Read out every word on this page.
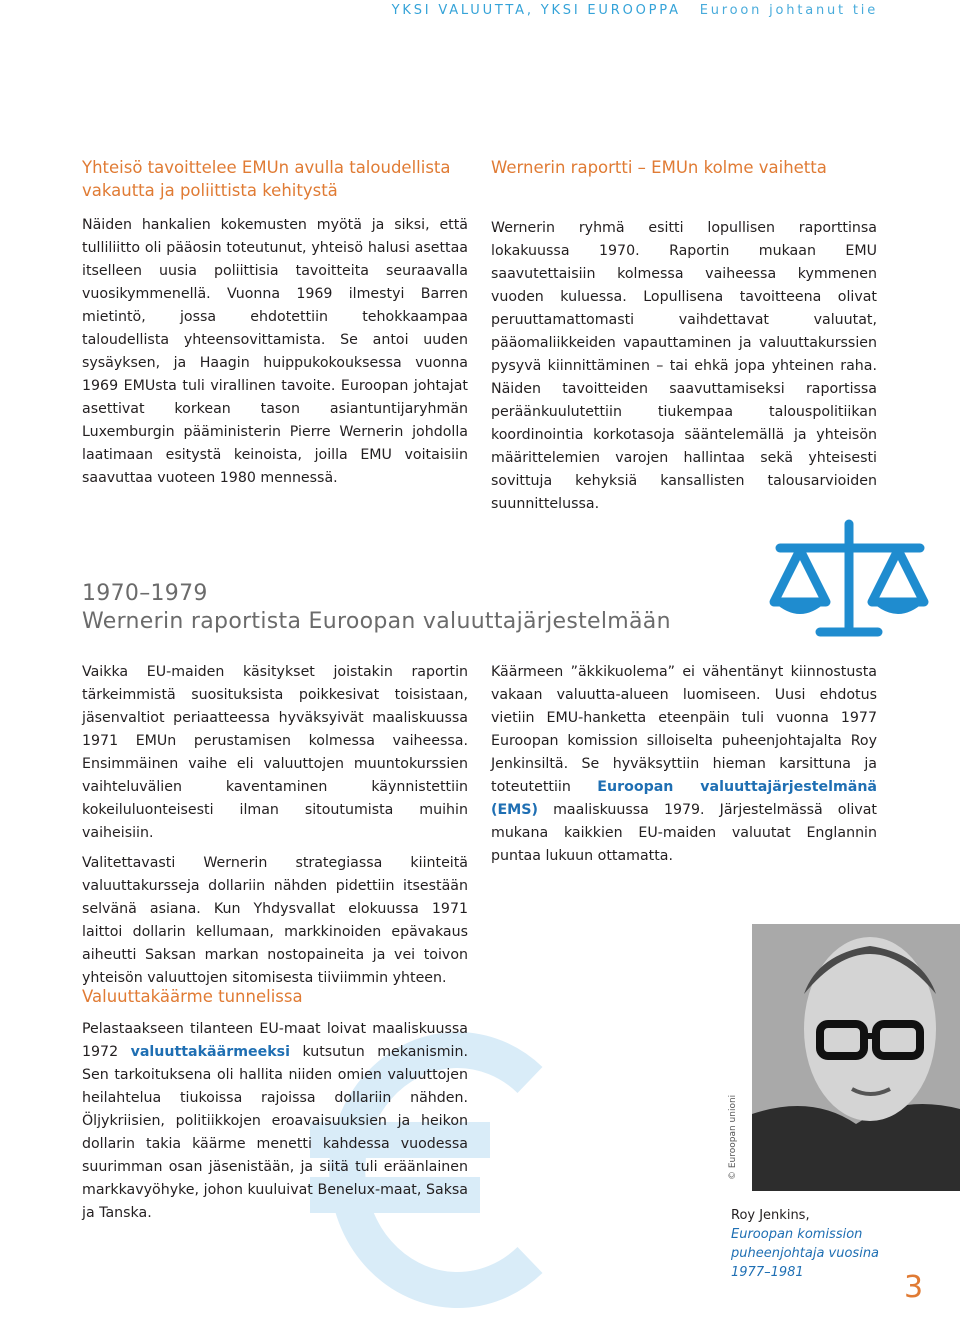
YKSI VALUUTTA, YKSI EUROOPPA Euroon johtanut tie
Yhteisö tavoittelee EMUn avulla taloudellista vakautta ja poliittista kehitystä

Näiden hankalien kokemusten myötä ja siksi, että tulliliitto oli pääosin toteutunut, yhteisö halusi asettaa itselleen uusia poliittisia tavoitteita seuraavalla vuosikymmenellä. Vuonna 1969 ilmestyi Barren mietintö, jossa ehdotettiin tehokkaampaa taloudellista yhteensovittamista. Se antoi uuden sysäyksen, ja Haagin huippukokouksessa vuonna 1969 EMUsta tuli virallinen tavoite. Euroopan johtajat asettivat korkean tason asiantuntijaryhmän Luxemburgin pääministerin Pierre Wernerin johdolla laatimaan esitystä keinoista, joilla EMU voitaisiin saavuttaa vuoteen 1980 mennessä.

Wernerin raportti – EMUn kolme vaihetta

Wernerin ryhmä esitti lopullisen raporttinsa lokakuussa 1970. Raportin mukaan EMU saavutettaisiin kolmessa vaiheessa kymmenen vuoden kuluessa. Lopullisena tavoitteena olivat peruuttamattomasti vaihdettavat valuutat, pääomaliikkeiden vapauttaminen ja valuuttakurssien pysyvä kiinnittäminen – tai ehkä jopa yhteinen raha. Näiden tavoitteiden saavuttamiseksi raportissa peräänkuulutettiin tiukempaa talouspolitiikan koordinointia korkotasoja sääntelemällä ja yhteisön määrittelemien varojen hallintaa sekä yhteisesti sovittuja kehyksiä kansallisten talousarvioiden suunnittelussa.

1970–1979
Wernerin raportista Euroopan valuuttajärjestelmään

Vaikka EU-maiden käsitykset joistakin raportin tärkeimmistä suosituksista poikkesivat toisistaan, jäsenvaltiot periaatteessa hyväksyivät maaliskuussa 1971 EMUn perustamisen kolmessa vaiheessa. Ensimmäinen vaihe eli valuuttojen muuntokurssien vaihteluvälien kaventaminen käynnistettiin kokeiluluonteisesti ilman sitoutumista muihin vaiheisiin.

Valitettavasti Wernerin strategiassa kiinteitä valuuttakursseja dollariin nähden pidettiin itsestään selvänä asiana. Kun Yhdysvallat elokuussa 1971 laittoi dollarin kellumaan, markkinoiden epävakaus aiheutti Saksan markan nostopaineita ja vei toivon yhteisön valuuttojen sitomisesta tiiviimmin yhteen.

Valuuttakäärme tunnelissa

Pelastaakseen tilanteen EU-maat loivat maaliskuussa 1972 valuuttakäärmeeksi kutsutun mekanismin. Sen tarkoituksena oli hallita niiden omien valuuttojen heilahtelua tiukoissa rajoissa dollariin nähden. Öljykriisien, politiikkojen eroavaisuuksien ja heikon dollarin takia käärme menetti kahdessa vuodessa suurimman osan jäsenistään, ja siitä tuli eräänlainen markkavyöhyke, johon kuuluivat Benelux-maat, Saksa ja Tanska.

Käärmeen ”äkkikuolema” ei vähentänyt kiinnostusta vakaan valuutta-alueen luomiseen. Uusi ehdotus vietiin EMU-hanketta eteenpäin tuli vuonna 1977 Euroopan komission silloiselta puheenjohtajalta Roy Jenkinsiltä. Se hyväksyttiin hieman karsittuna ja toteutettiin Euroopan valuuttajärjestelmänä (EMS) maaliskuussa 1979. Järjestelmässä olivat mukana kaikkien EU-maiden valuutat Englannin puntaa lukuun ottamatta.

© Euroopan unioni
Roy Jenkins,
Euroopan komission
puheenjohtaja vuosina
1977–1981	3
